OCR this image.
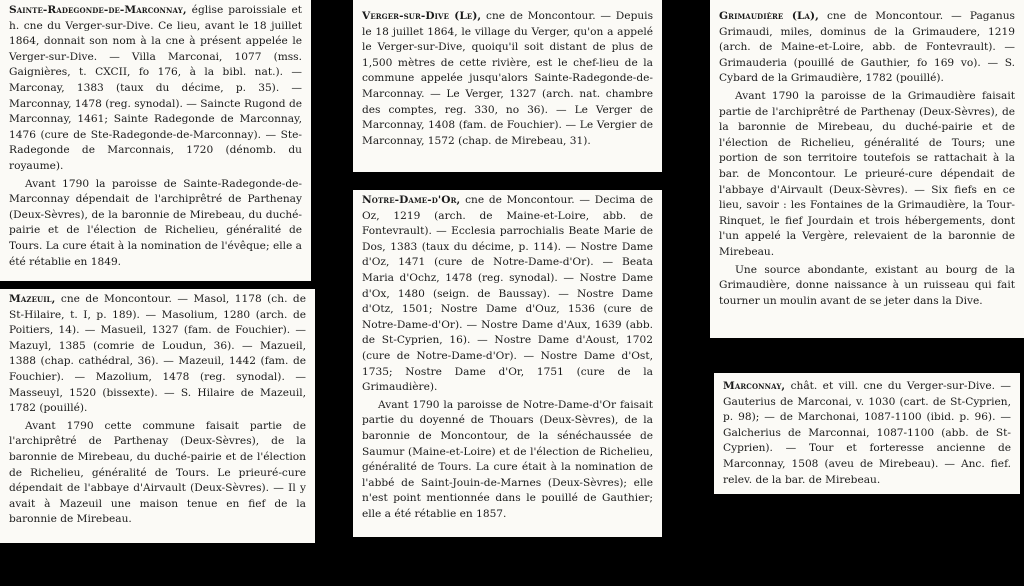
Sainte-Radegonde-de-Marconnay, église paroissiale et h. cne du Verger-sur-Dive. Ce lieu, avant le 18 juillet 1864, donnait son nom à la cne à présent appelée le Verger-sur-Dive. — Villa Marconai, 1077 (mss. Gaignières, t. CXCII, fo 176, à la bibl. nat.). — Marconay, 1383 (taux du décime, p. 35). — Marconnay, 1478 (reg. synodal). — Saincte Rugond de Marconnay, 1461; Sainte Radegonde de Marconnay, 1476 (cure de Ste-Radegonde-de-Marconnay). — Ste-Radegonde de Marconnais, 1720 (dénomb. du royaume).

Avant 1790 la paroisse de Sainte-Radegonde-de-Marconnay dépendait de l'archiprêtré de Parthenay (Deux-Sèvres), de la baronnie de Mirebeau, du duché-pairie et de l'élection de Richelieu, généralité de Tours. La cure était à la nomination de l'évêque; elle a été rétablie en 1849.

Mazeuil, cne de Moncontour. — Masol, 1178 (ch. de St-Hilaire, t. I, p. 189). — Masolium, 1280 (arch. de Poitiers, 14). — Masueil, 1327 (fam. de Fouchier). — Mazuyl, 1385 (comrie de Loudun, 36). — Mazueil, 1388 (chap. cathédral, 36). — Mazeuil, 1442 (fam. de Fouchier). — Mazolium, 1478 (reg. synodal). — Masseuyl, 1520 (bissexte). — S. Hilaire de Mazeuil, 1782 (pouillé).

Avant 1790 cette commune faisait partie de l'archiprêtré de Parthenay (Deux-Sèvres), de la baronnie de Mirebeau, du duché-pairie et de l'élection de Richelieu, généralité de Tours. Le prieuré-cure dépendait de l'abbaye d'Airvault (Deux-Sèvres). — Il y avait à Mazeuil une maison tenue en fief de la baronnie de Mirebeau.

Verger-sur-Dive (Le), cne de Moncontour. — Depuis le 18 juillet 1864, le village du Verger, qu'on a appelé le Verger-sur-Dive, quoiqu'il soit distant de plus de 1,500 mètres de cette rivière, est le chef-lieu de la commune appelée jusqu'alors Sainte-Radegonde-de-Marconnay. — Le Verger, 1327 (arch. nat. chambre des comptes, reg. 330, no 36). — Le Verger de Marconnay, 1408 (fam. de Fouchier). — Le Vergier de Marconnay, 1572 (chap. de Mirebeau, 31).

Notre-Dame-d'Or, cne de Moncontour. — Decima de Oz, 1219 (arch. de Maine-et-Loire, abb. de Fontevrault). — Ecclesia parrochialis Beate Marie de Dos, 1383 (taux du décime, p. 114). — Nostre Dame d'Oz, 1471 (cure de Notre-Dame-d'Or). — Beata Maria d'Ochz, 1478 (reg. synodal). — Nostre Dame d'Ox, 1480 (seign. de Baussay). — Nostre Dame d'Otz, 1501; Nostre Dame d'Ouz, 1536 (cure de Notre-Dame-d'Or). — Nostre Dame d'Aux, 1639 (abb. de St-Cyprien, 16). — Nostre Dame d'Aoust, 1702 (cure de Notre-Dame-d'Or). — Nostre Dame d'Ost, 1735; Nostre Dame d'Or, 1751 (cure de la Grimaudière).

Avant 1790 la paroisse de Notre-Dame-d'Or faisait partie du doyenné de Thouars (Deux-Sèvres), de la baronnie de Moncontour, de la sénéchaussée de Saumur (Maine-et-Loire) et de l'élection de Richelieu, généralité de Tours. La cure était à la nomination de l'abbé de Saint-Jouin-de-Marnes (Deux-Sèvres); elle n'est point mentionnée dans le pouillé de Gauthier; elle a été rétablie en 1857.

Grimaudière (La), cne de Moncontour. — Paganus Grimaudi, miles, dominus de la Grimaudere, 1219 (arch. de Maine-et-Loire, abb. de Fontevrault). — Grimauderia (pouillé de Gauthier, fo 169 vo). — S. Cybard de la Grimaudière, 1782 (pouillé).

Avant 1790 la paroisse de la Grimaudière faisait partie de l'archiprêtré de Parthenay (Deux-Sèvres), de la baronnie de Mirebeau, du duché-pairie et de l'élection de Richelieu, généralité de Tours; une portion de son territoire toutefois se rattachait à la bar. de Moncontour. Le prieuré-cure dépendait de l'abbaye d'Airvault (Deux-Sèvres). — Six fiefs en ce lieu, savoir : les Fontaines de la Grimaudière, la Tour-Rinquet, le fief Jourdain et trois hébergements, dont l'un appelé la Vergère, relevaient de la baronnie de Mirebeau.

Une source abondante, existant au bourg de la Grimaudière, donne naissance à un ruisseau qui fait tourner un moulin avant de se jeter dans la Dive.

Marconnay, chât. et vill. cne du Verger-sur-Dive. — Gauterius de Marconai, v. 1030 (cart. de St-Cyprien, p. 98); — de Marchonai, 1087-1100 (ibid. p. 96). — Galcherius de Marconnai, 1087-1100 (abb. de St-Cyprien). — Tour et forteresse ancienne de Marconnay, 1508 (aveu de Mirebeau). — Anc. fief. relev. de la bar. de Mirebeau.
